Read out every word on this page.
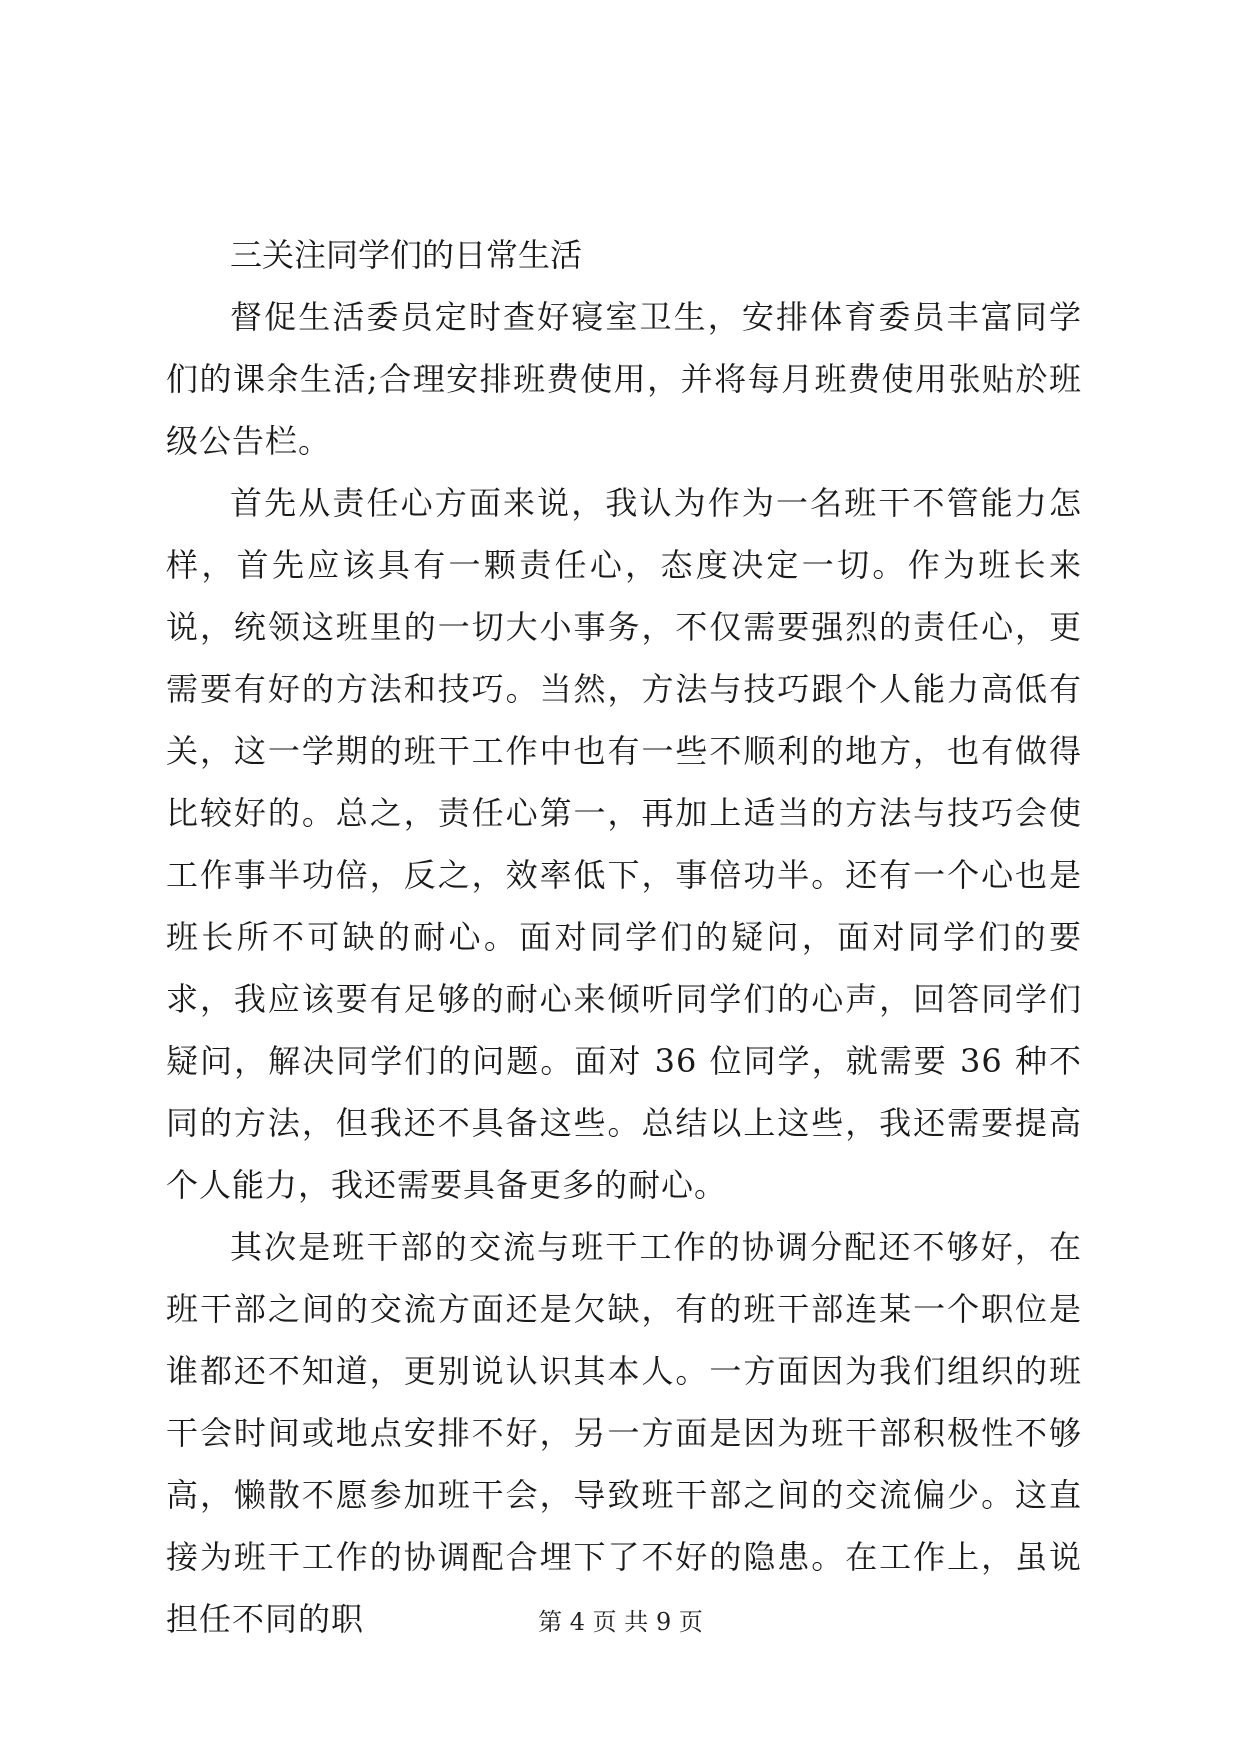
三关注同学们的日常生活

督促生活委员定时查好寝室卫生，安排体育委员丰富同学们的课余生活;合理安排班费使用，并将每月班费使用张贴於班级公告栏。

首先从责任心方面来说，我认为作为一名班干不管能力怎样，首先应该具有一颗责任心，态度决定一切。作为班长来说，统领这班里的一切大小事务，不仅需要强烈的责任心，更需要有好的方法和技巧。当然，方法与技巧跟个人能力高低有关，这一学期的班干工作中也有一些不顺利的地方，也有做得比较好的。总之，责任心第一，再加上适当的方法与技巧会使工作事半功倍，反之，效率低下，事倍功半。还有一个心也是班长所不可缺的耐心。面对同学们的疑问，面对同学们的要求，我应该要有足够的耐心来倾听同学们的心声，回答同学们疑问，解决同学们的问题。面对 36 位同学，就需要 36 种不同的方法，但我还不具备这些。总结以上这些，我还需要提高个人能力，我还需要具备更多的耐心。

其次是班干部的交流与班干工作的协调分配还不够好，在班干部之间的交流方面还是欠缺，有的班干部连某一个职位是谁都还不知道，更别说认识其本人。一方面因为我们组织的班干会时间或地点安排不好，另一方面是因为班干部积极性不够高，懒散不愿参加班干会，导致班干部之间的交流偏少。这直接为班干工作的协调配合埋下了不好的隐患。在工作上，虽说担任不同的职	第 4 页 共 9 页
